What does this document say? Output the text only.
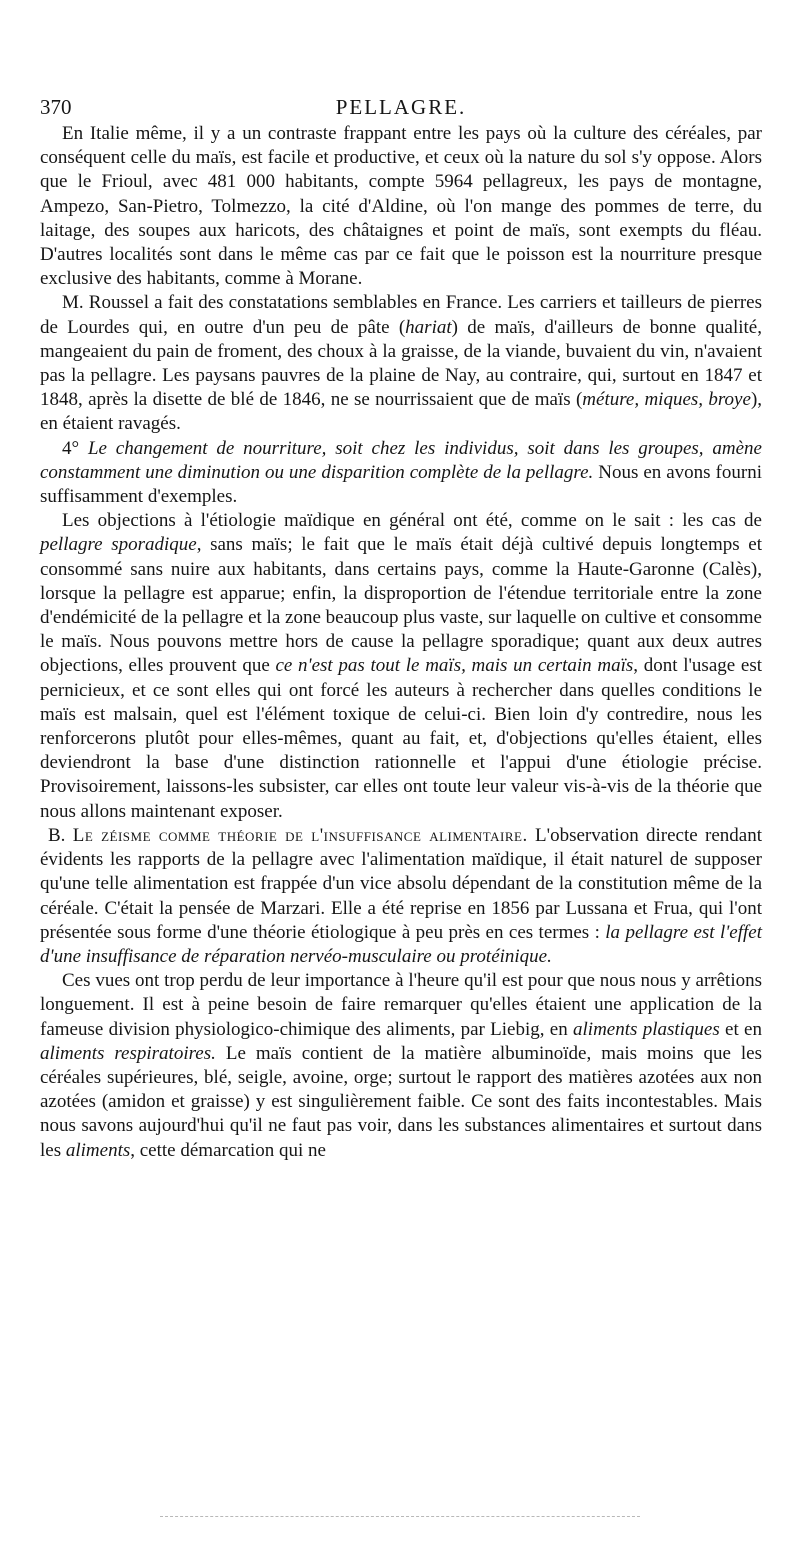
370	PELLAGRE.

En Italie même, il y a un contraste frappant entre les pays où la culture des céréales, par conséquent celle du maïs, est facile et productive, et ceux où la nature du sol s'y oppose. Alors que le Frioul, avec 481 000 habitants, compte 5964 pellagreux, les pays de montagne, Ampezo, San-Pietro, Tolmezzo, la cité d'Aldine, où l'on mange des pommes de terre, du laitage, des soupes aux haricots, des châtaignes et point de maïs, sont exempts du fléau. D'autres localités sont dans le même cas par ce fait que le poisson est la nourriture presque exclusive des habitants, comme à Morane.

M. Roussel a fait des constatations semblables en France. Les carriers et tailleurs de pierres de Lourdes qui, en outre d'un peu de pâte (hariat) de maïs, d'ailleurs de bonne qualité, mangeaient du pain de froment, des choux à la graisse, de la viande, buvaient du vin, n'avaient pas la pellagre. Les paysans pauvres de la plaine de Nay, au contraire, qui, surtout en 1847 et 1848, après la disette de blé de 1846, ne se nourrissaient que de maïs (méture, miques, broye), en étaient ravagés.

4° Le changement de nourriture, soit chez les individus, soit dans les groupes, amène constamment une diminution ou une disparition complète de la pellagre. Nous en avons fourni suffisamment d'exemples.

Les objections à l'étiologie maïdique en général ont été, comme on le sait : les cas de pellagre sporadique, sans maïs; le fait que le maïs était déjà cultivé depuis longtemps et consommé sans nuire aux habitants, dans certains pays, comme la Haute-Garonne (Calès), lorsque la pellagre est apparue; enfin, la disproportion de l'étendue territoriale entre la zone d'endémicité de la pellagre et la zone beaucoup plus vaste, sur laquelle on cultive et consomme le maïs. Nous pouvons mettre hors de cause la pellagre sporadique; quant aux deux autres objections, elles prouvent que ce n'est pas tout le maïs, mais un certain maïs, dont l'usage est pernicieux, et ce sont elles qui ont forcé les auteurs à rechercher dans quelles conditions le maïs est malsain, quel est l'élément toxique de celui-ci. Bien loin d'y contredire, nous les renforcerons plutôt pour elles-mêmes, quant au fait, et, d'objections qu'elles étaient, elles deviendront la base d'une distinction rationnelle et l'appui d'une étiologie précise. Provisoirement, laissons-les subsister, car elles ont toute leur valeur vis-à-vis de la théorie que nous allons maintenant exposer.

B. Le zéisme comme théorie de l'insuffisance alimentaire. L'observation directe rendant évidents les rapports de la pellagre avec l'alimentation maïdique, il était naturel de supposer qu'une telle alimentation est frappée d'un vice absolu dépendant de la constitution même de la céréale. C'était la pensée de Marzari. Elle a été reprise en 1856 par Lussana et Frua, qui l'ont présentée sous forme d'une théorie étiologique à peu près en ces termes : la pellagre est l'effet d'une insuffisance de réparation nervéo-musculaire ou protéinique.

Ces vues ont trop perdu de leur importance à l'heure qu'il est pour que nous nous y arrêtions longuement. Il est à peine besoin de faire remarquer qu'elles étaient une application de la fameuse division physiologico-chimique des aliments, par Liebig, en aliments plastiques et en aliments respiratoires. Le maïs contient de la matière albuminoïde, mais moins que les céréales supérieures, blé, seigle, avoine, orge; surtout le rapport des matières azotées aux non azotées (amidon et graisse) y est singulièrement faible. Ce sont des faits incontestables. Mais nous savons aujourd'hui qu'il ne faut pas voir, dans les substances alimentaires et surtout dans les aliments, cette démarcation qui ne
